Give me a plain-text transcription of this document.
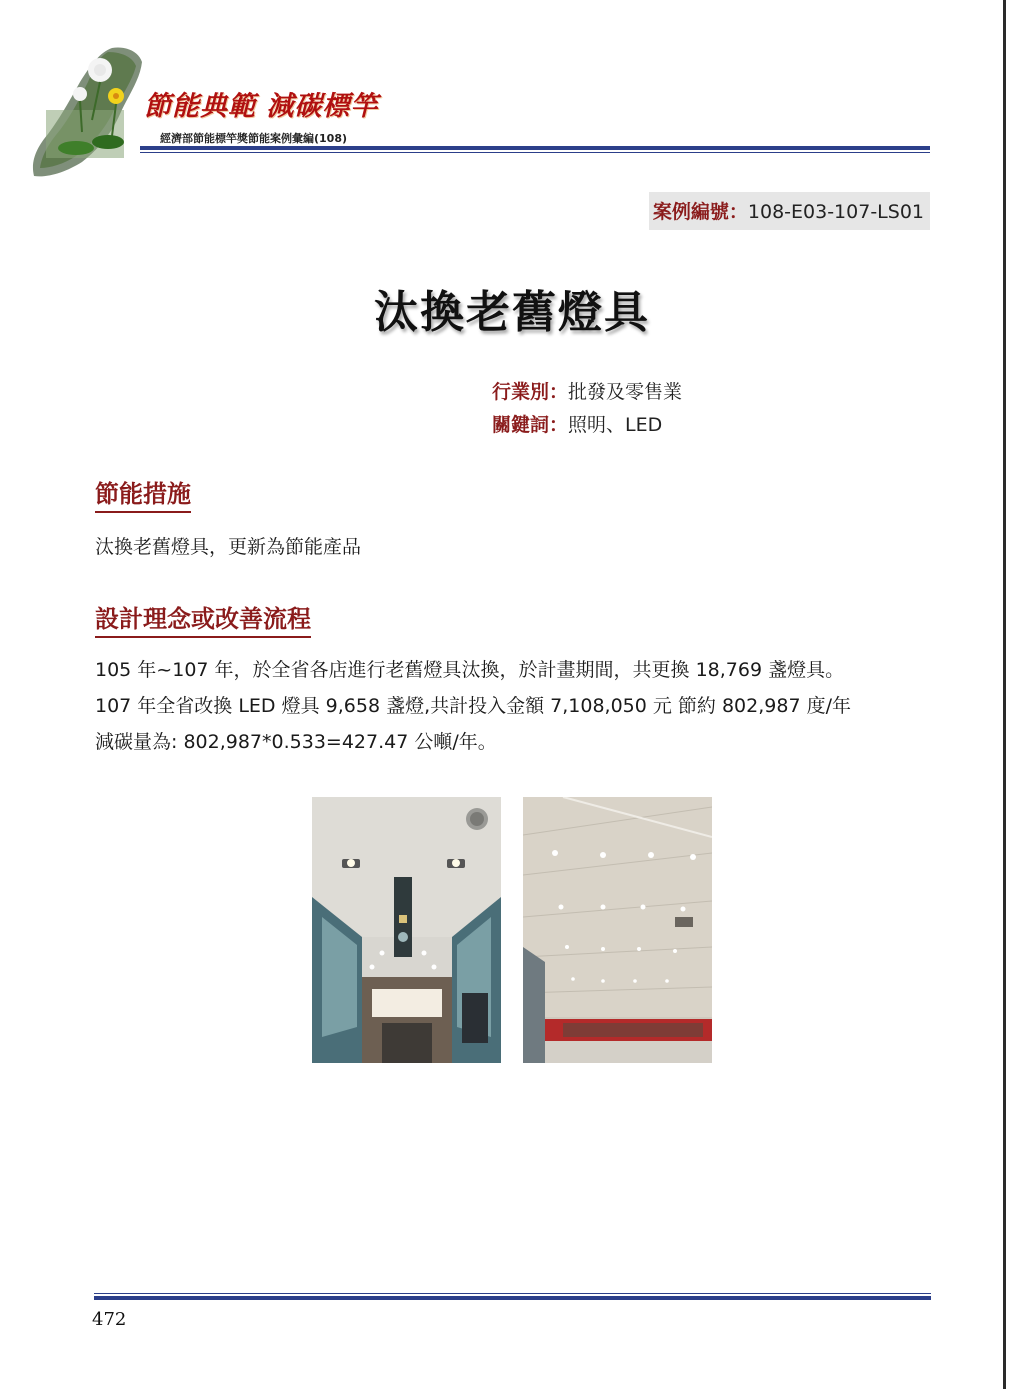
節能典範 減碳標竿
經濟部節能標竿獎節能案例彙編(108)
案例編號：108-E03-107-LS01
汰換老舊燈具
行業別：批發及零售業
關鍵詞：照明、LED
節能措施
汰換老舊燈具，更新為節能產品
設計理念或改善流程
105 年~107 年，於全省各店進行老舊燈具汰換，於計畫期間，共更換 18,769 盞燈具。
107 年全省改換 LED 燈具 9,658 盞燈,共計投入金額 7,108,050 元 節約 802,987 度/年
減碳量為: 802,987*0.533=427.47 公噸/年。
472
